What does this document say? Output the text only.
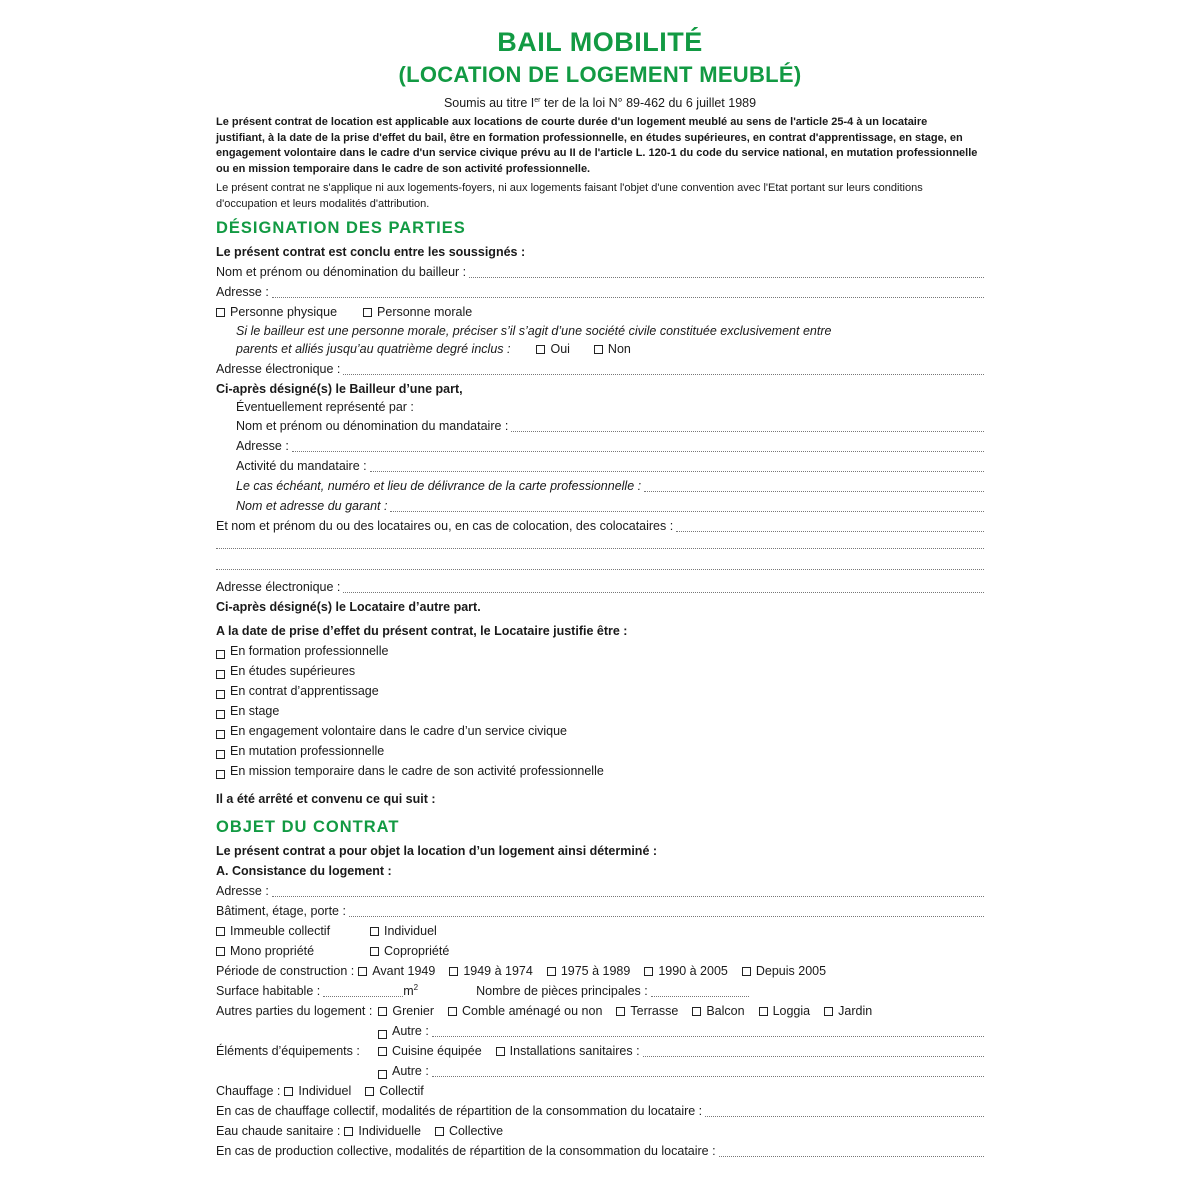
BAIL MOBILITÉ
(LOCATION DE LOGEMENT MEUBLÉ)
Soumis au titre Ier ter de la loi N° 89-462 du 6 juillet 1989
Le présent contrat de location est applicable aux locations de courte durée d'un logement meublé au sens de l'article 25-4 à un locataire justifiant, à la date de la prise d'effet du bail, être en formation professionnelle, en études supérieures, en contrat d'apprentissage, en stage, en engagement volontaire dans le cadre d'un service civique prévu au II de l'article L. 120-1 du code du service national, en mutation professionnelle ou en mission temporaire dans le cadre de son activité professionnelle.
Le présent contrat ne s'applique ni aux logements-foyers, ni aux logements faisant l'objet d'une convention avec l'Etat portant sur leurs conditions d'occupation et leurs modalités d'attribution.
DÉSIGNATION DES PARTIES
Le présent contrat est conclu entre les soussignés :
Nom et prénom ou dénomination du bailleur :
Adresse :
Personne physique	Personne morale
Si le bailleur est une personne morale, préciser s’il s’agit d’une société civile constituée exclusivement entre
parents et alliés jusqu’au quatrième degré inclus :	Oui	Non
Adresse électronique :
Ci-après désigné(s) le Bailleur d’une part,
Éventuellement représenté par :
Nom et prénom ou dénomination du mandataire :
Adresse :
Activité du mandataire :
Le cas échéant, numéro et lieu de délivrance de la carte professionnelle :
Nom et adresse du garant :
Et nom et prénom du ou des locataires ou, en cas de colocation, des colocataires :
Adresse électronique :
Ci-après désigné(s) le Locataire d’autre part.
A la date de prise d’effet du présent contrat, le Locataire justifie être :
En formation professionnelle
En études supérieures
En contrat d’apprentissage
En stage
En engagement volontaire dans le cadre d’un service civique
En mutation professionnelle
En mission temporaire dans le cadre de son activité professionnelle
Il a été arrêté et convenu ce qui suit :
OBJET DU CONTRAT
Le présent contrat a pour objet la location d’un logement ainsi déterminé :
A. Consistance du logement :
Adresse :
Bâtiment, étage, porte :
Immeuble collectif	Individuel
Mono propriété	Copropriété
Période de construction : Avant 1949 1949 à 1974 1975 à 1989 1990 à 2005 Depuis 2005
Surface habitable :	$m^2$	Nombre de pièces principales :
Autres parties du logement : Grenier Comble aménagé ou non Terrasse Balcon Loggia Jardin
Autre :
Éléments d’équipements :	Cuisine équipée Installations sanitaires :
Autre :
Chauffage : Individuel Collectif
En cas de chauffage collectif, modalités de répartition de la consommation du locataire :
Eau chaude sanitaire : Individuelle Collective
En cas de production collective, modalités de répartition de la consommation du locataire :
